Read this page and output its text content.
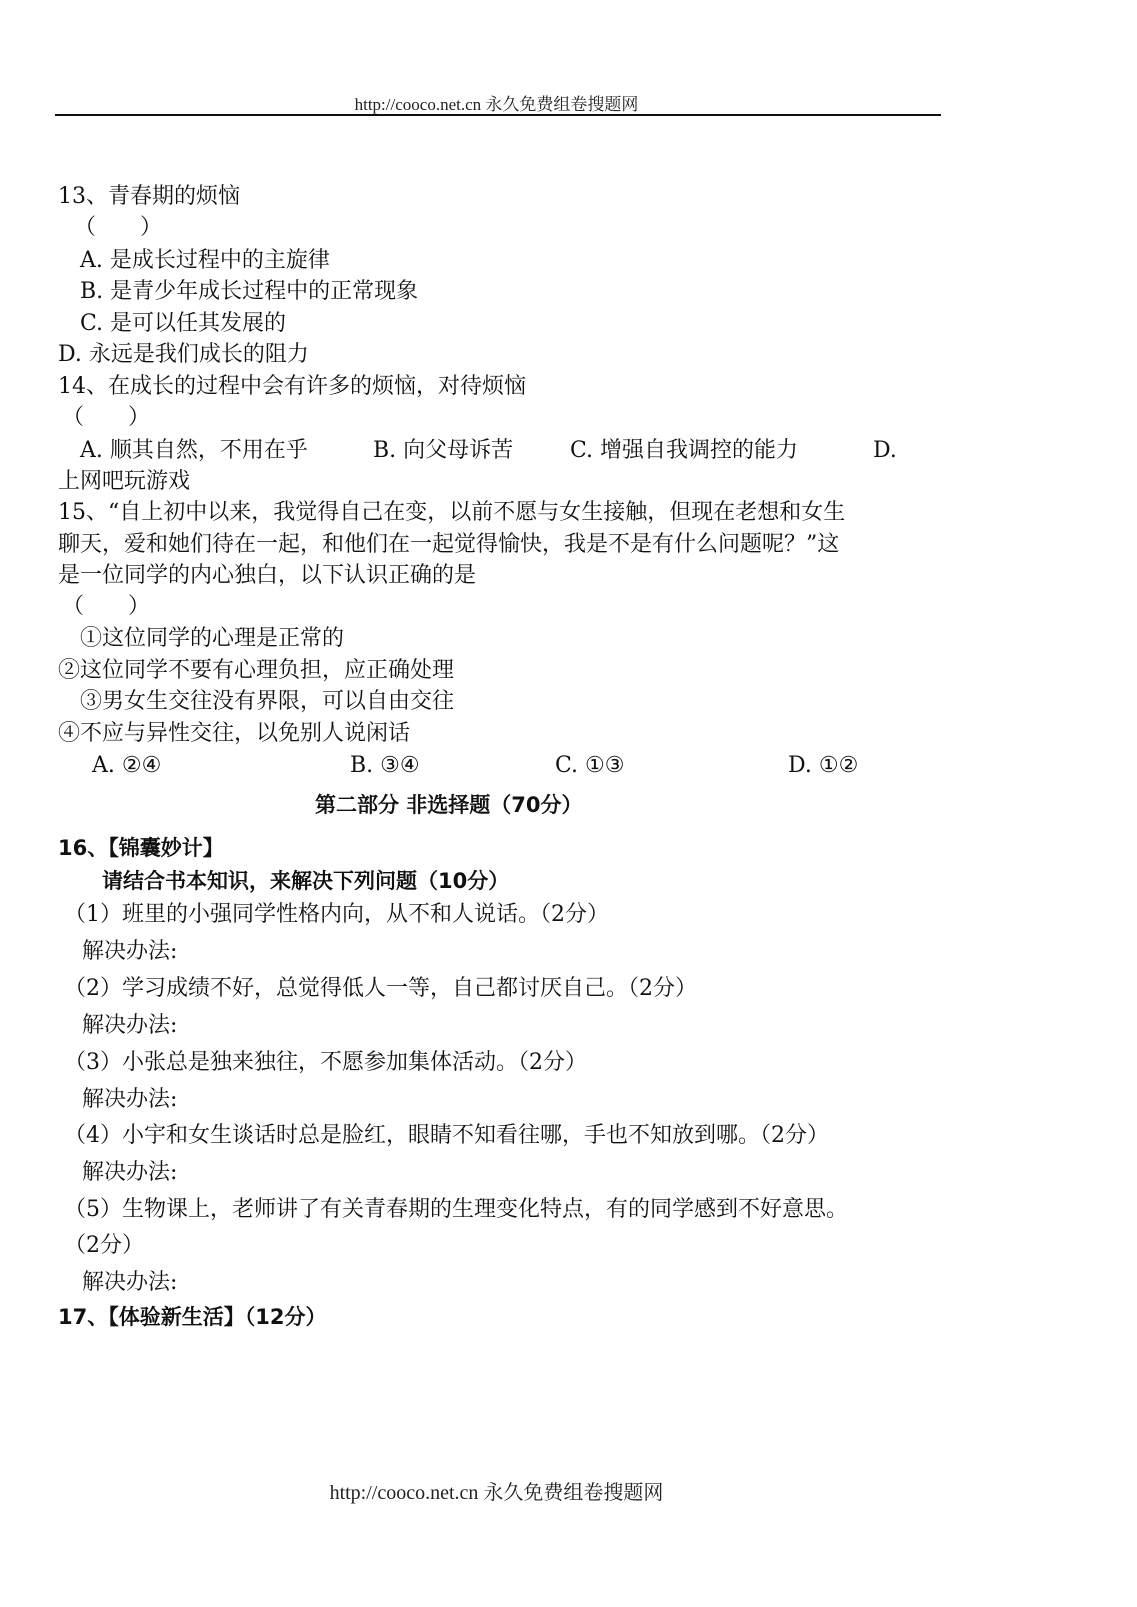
http://cooco.net.cn 永久免费组卷搜题网
13、青春期的烦恼
（　　）
A. 是成长过程中的主旋律
B. 是青少年成长过程中的正常现象
C. 是可以任其发展的
D. 永远是我们成长的阻力
14、在成长的过程中会有许多的烦恼，对待烦恼
（　　）
A. 顺其自然，不用在乎	B. 向父母诉苦	C. 增强自我调控的能力	D.
上网吧玩游戏
15、“自上初中以来，我觉得自己在变，以前不愿与女生接触，但现在老想和女生
聊天，爱和她们待在一起，和他们在一起觉得愉快，我是不是有什么问题呢？”这
是一位同学的内心独白，以下认识正确的是
（　　）
①这位同学的心理是正常的
②这位同学不要有心理负担，应正确处理
③男女生交往没有界限，可以自由交往
④不应与异性交往，以免别人说闲话
A. ②④	B. ③④	C. ①③	D. ①②
第二部分 非选择题（70分）
16、【锦囊妙计】
请结合书本知识，来解决下列问题（10分）
（1）班里的小强同学性格内向，从不和人说话。（2分）
解决办法:
（2）学习成绩不好，总觉得低人一等，自己都讨厌自己。（2分）
解决办法:
（3）小张总是独来独往，不愿参加集体活动。（2分）
解决办法:
（4）小宇和女生谈话时总是脸红，眼睛不知看往哪，手也不知放到哪。（2分）
解决办法:
（5）生物课上，老师讲了有关青春期的生理变化特点，有的同学感到不好意思。
（2分）
解决办法:
17、【体验新生活】（12分）
http://cooco.net.cn 永久免费组卷搜题网
